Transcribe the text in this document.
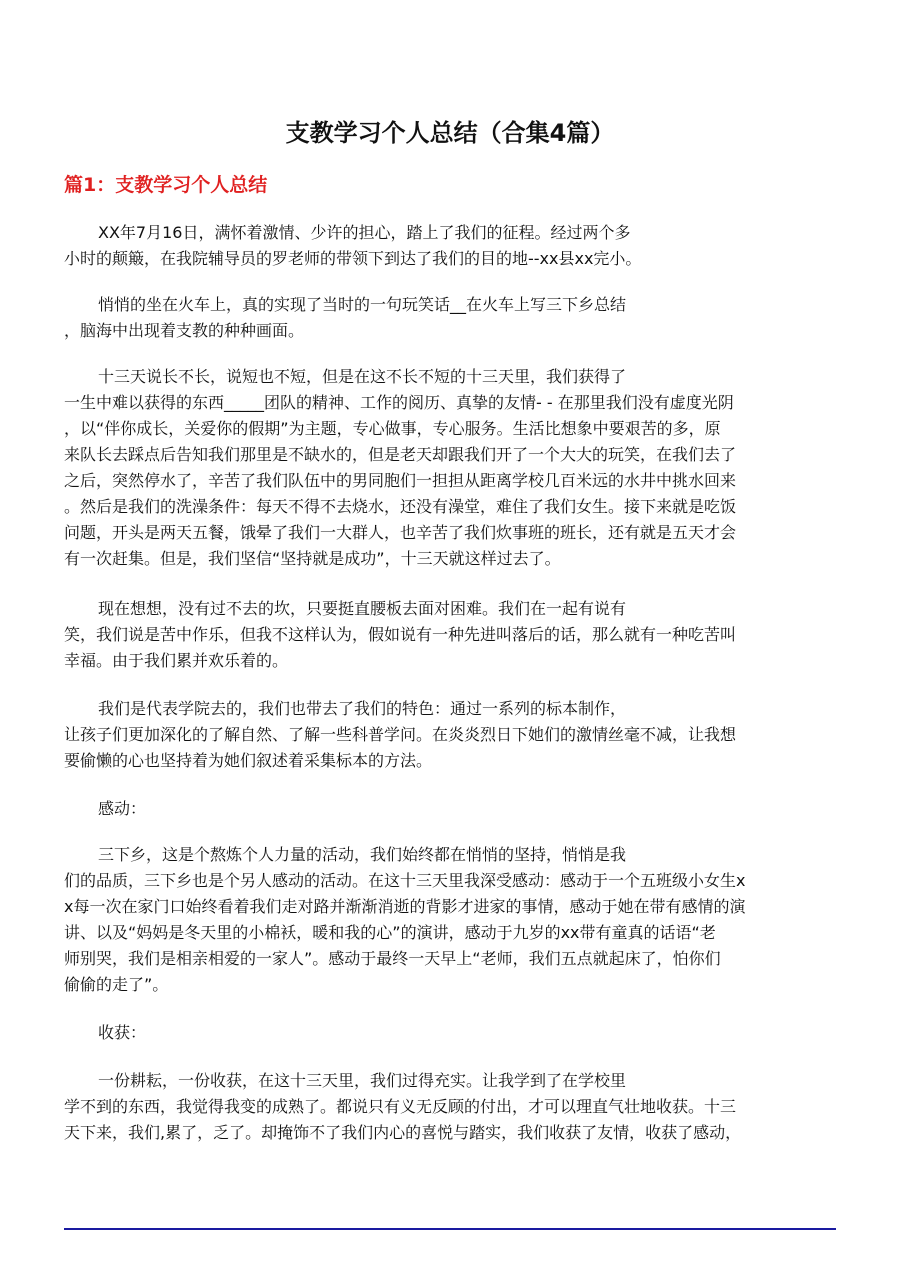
支教学习个人总结（合集4篇）
篇1：支教学习个人总结
XX年7月16日，满怀着激情、少许的担心，踏上了我们的征程。经过两个多
小时的颠簸，在我院辅导员的罗老师的带领下到达了我们的目的地--xx县xx完小。
悄悄的坐在火车上，真的实现了当时的一句玩笑话__在火车上写三下乡总结
，脑海中出现着支教的种种画面。
十三天说长不长，说短也不短，但是在这不长不短的十三天里，我们获得了
一生中难以获得的东西_____团队的精神、工作的阅历、真挚的友情- - 在那里我们没有虚度光阴
，以“伴你成长，关爱你的假期”为主题，专心做事，专心服务。生活比想象中要艰苦的多，原
来队长去踩点后告知我们那里是不缺水的，但是老天却跟我们开了一个大大的玩笑，在我们去了
之后，突然停水了，辛苦了我们队伍中的男同胞们一担担从距离学校几百米远的水井中挑水回来
。然后是我们的洗澡条件：每天不得不去烧水，还没有澡堂，难住了我们女生。接下来就是吃饭
问题，开头是两天五餐，饿晕了我们一大群人，也辛苦了我们炊事班的班长，还有就是五天才会
有一次赶集。但是，我们坚信“坚持就是成功”，十三天就这样过去了。
现在想想，没有过不去的坎，只要挺直腰板去面对困难。我们在一起有说有
笑，我们说是苦中作乐，但我不这样认为，假如说有一种先进叫落后的话，那么就有一种吃苦叫
幸福。由于我们累并欢乐着的。
我们是代表学院去的，我们也带去了我们的特色：通过一系列的标本制作，
让孩子们更加深化的了解自然、了解一些科普学问。在炎炎烈日下她们的激情丝毫不减，让我想
要偷懒的心也坚持着为她们叙述着采集标本的方法。
感动：
三下乡，这是个熬炼个人力量的活动，我们始终都在悄悄的坚持，悄悄是我
们的品质，三下乡也是个另人感动的活动。在这十三天里我深受感动：感动于一个五班级小女生x
x每一次在家门口始终看着我们走对路并渐渐消逝的背影才进家的事情，感动于她在带有感情的演
讲、以及“妈妈是冬天里的小棉袄，暖和我的心”的演讲，感动于九岁的xx带有童真的话语“老
师别哭，我们是相亲相爱的一家人”。感动于最终一天早上“老师，我们五点就起床了，怕你们
偷偷的走了”。
收获：
一份耕耘，一份收获，在这十三天里，我们过得充实。让我学到了在学校里
学不到的东西，我觉得我变的成熟了。都说只有义无反顾的付出，才可以理直气壮地收获。十三
天下来，我们,累了，乏了。却掩饰不了我们内心的喜悦与踏实，我们收获了友情，收获了感动，
